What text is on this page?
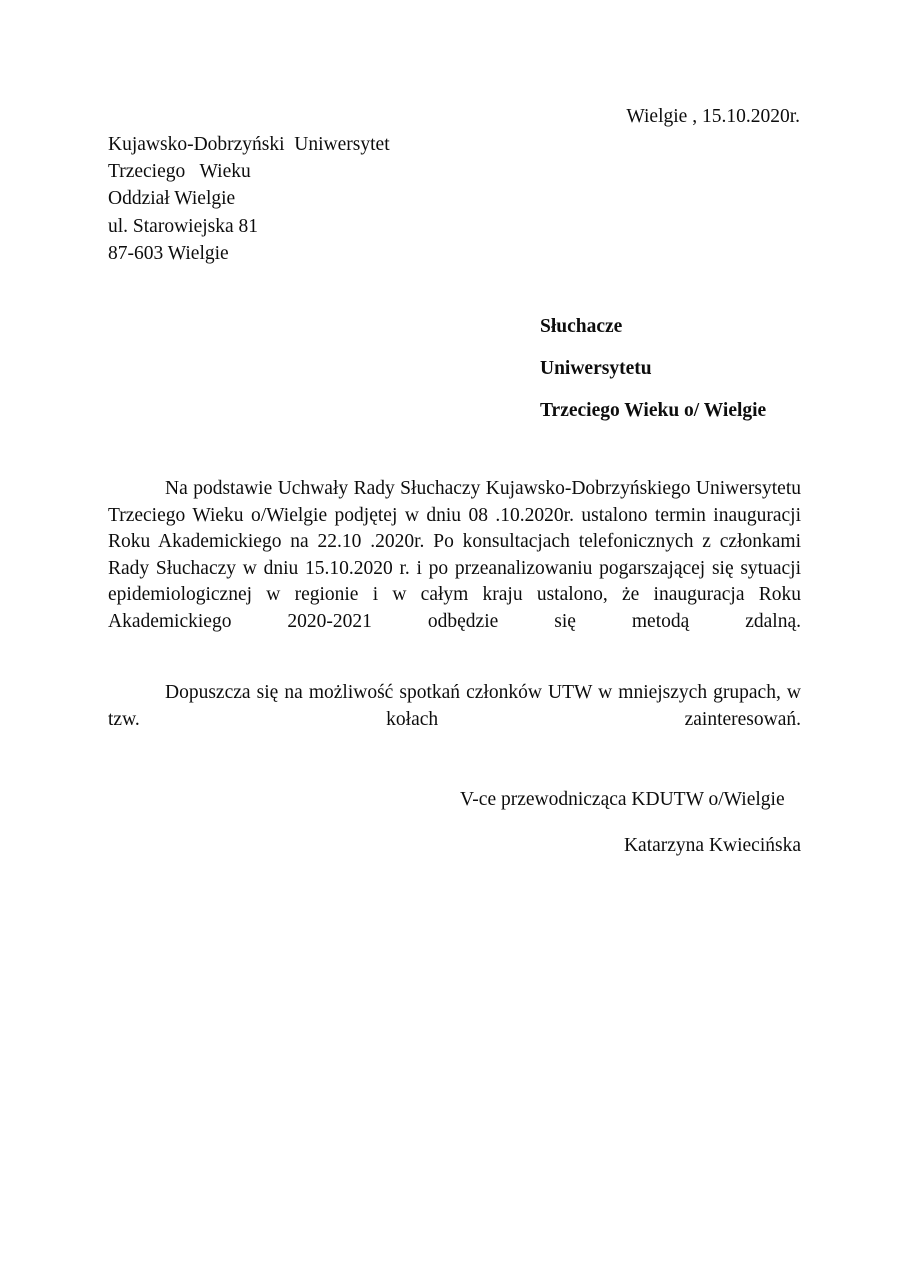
Wielgie , 15.10.2020r.
Kujawsko-Dobrzyński  Uniwersytet
Trzeciego   Wieku
Oddział Wielgie
ul. Starowiejska 81
87-603 Wielgie
Słuchacze
Uniwersytetu
Trzeciego Wieku o/ Wielgie

Na podstawie Uchwały Rady Słuchaczy Kujawsko-Dobrzyńskiego Uniwersytetu Trzeciego Wieku o/Wielgie podjętej w dniu 08 .10.2020r. ustalono termin inauguracji Roku Akademickiego na 22.10 .2020r. Po konsultacjach telefonicznych z członkami Rady Słuchaczy w dniu 15.10.2020 r. i po przeanalizowaniu pogarszającej się sytuacji epidemiologicznej w regionie i w całym kraju ustalono, że inauguracja Roku Akademickiego 2020-2021 odbędzie się metodą zdalną.

Dopuszcza się na możliwość spotkań członków UTW w mniejszych grupach, w tzw. kołach zainteresowań.

V-ce przewodnicząca KDUTW o/Wielgie
Katarzyna Kwiecińska
